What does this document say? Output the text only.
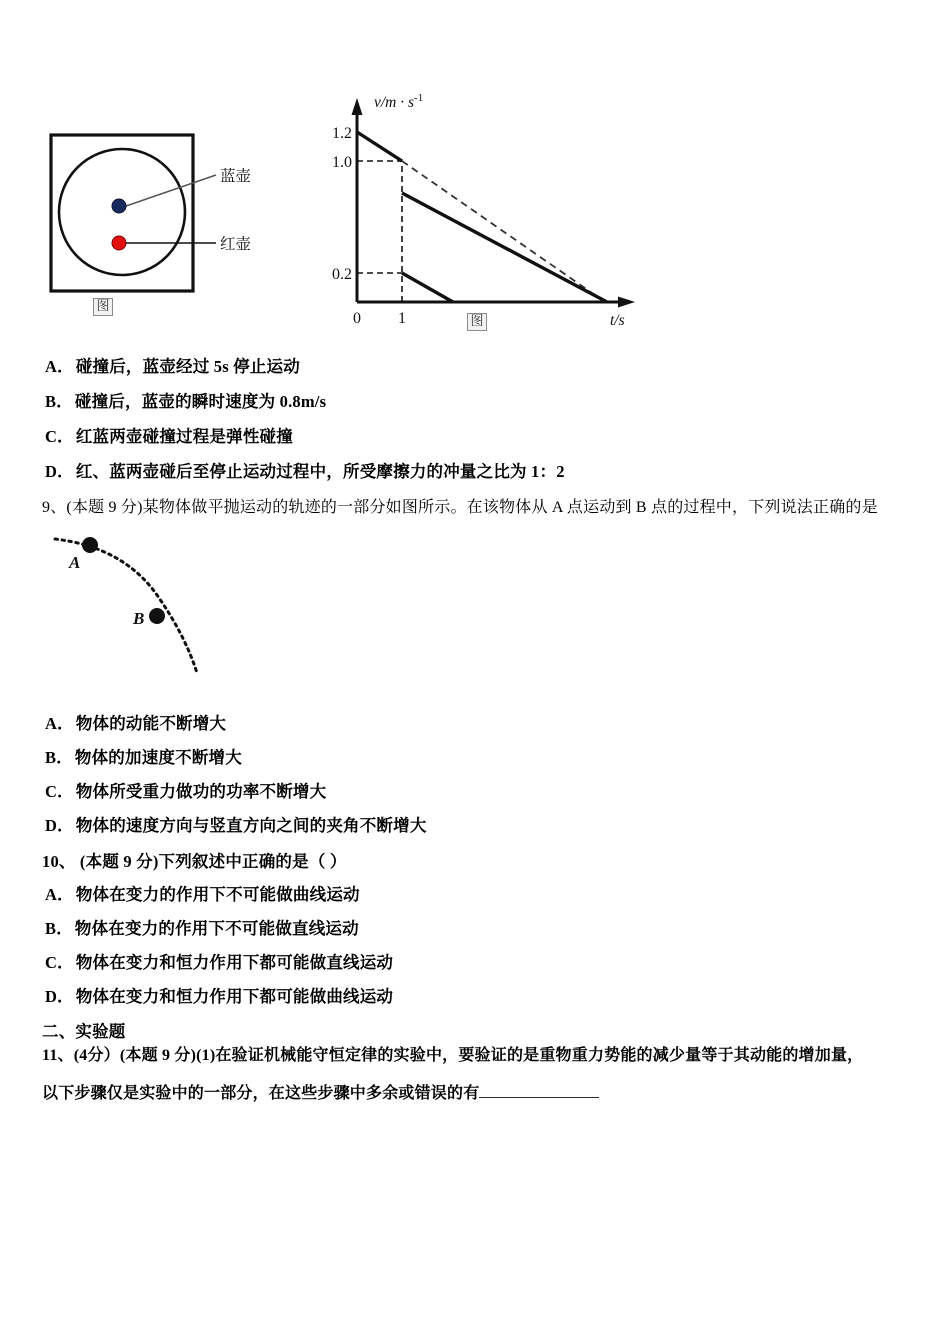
蓝壶
红壶
图
1.2
1.0
0.2
0 1
$v/m \cdot s^{-1}$
t/s
图
A． 碰撞后，蓝壶经过 5s 停止运动
B． 碰撞后，蓝壶的瞬时速度为 0.8m/s
C． 红蓝两壶碰撞过程是弹性碰撞
D． 红、蓝两壶碰后至停止运动过程中，所受摩擦力的冲量之比为 1：2
9、(本题 9 分)某物体做平抛运动的轨迹的一部分如图所示。在该物体从 A 点运动到 B 点的过程中，下列说法正确的是
A
B
A． 物体的动能不断增大
B． 物体的加速度不断增大
C． 物体所受重力做功的功率不断增大
D． 物体的速度方向与竖直方向之间的夹角不断增大
10、 (本题 9 分)下列叙述中正确的是（ ）
A． 物体在变力的作用下不可能做曲线运动
B． 物体在变力的作用下不可能做直线运动
C． 物体在变力和恒力作用下都可能做直线运动
D． 物体在变力和恒力作用下都可能做曲线运动
二、实验题
11、(4分）(本题 9 分)(1)在验证机械能守恒定律的实验中，要验证的是重物重力势能的减少量等于其动能的增加量，
以下步骤仅是实验中的一部分，在这些步骤中多余或错误的有
